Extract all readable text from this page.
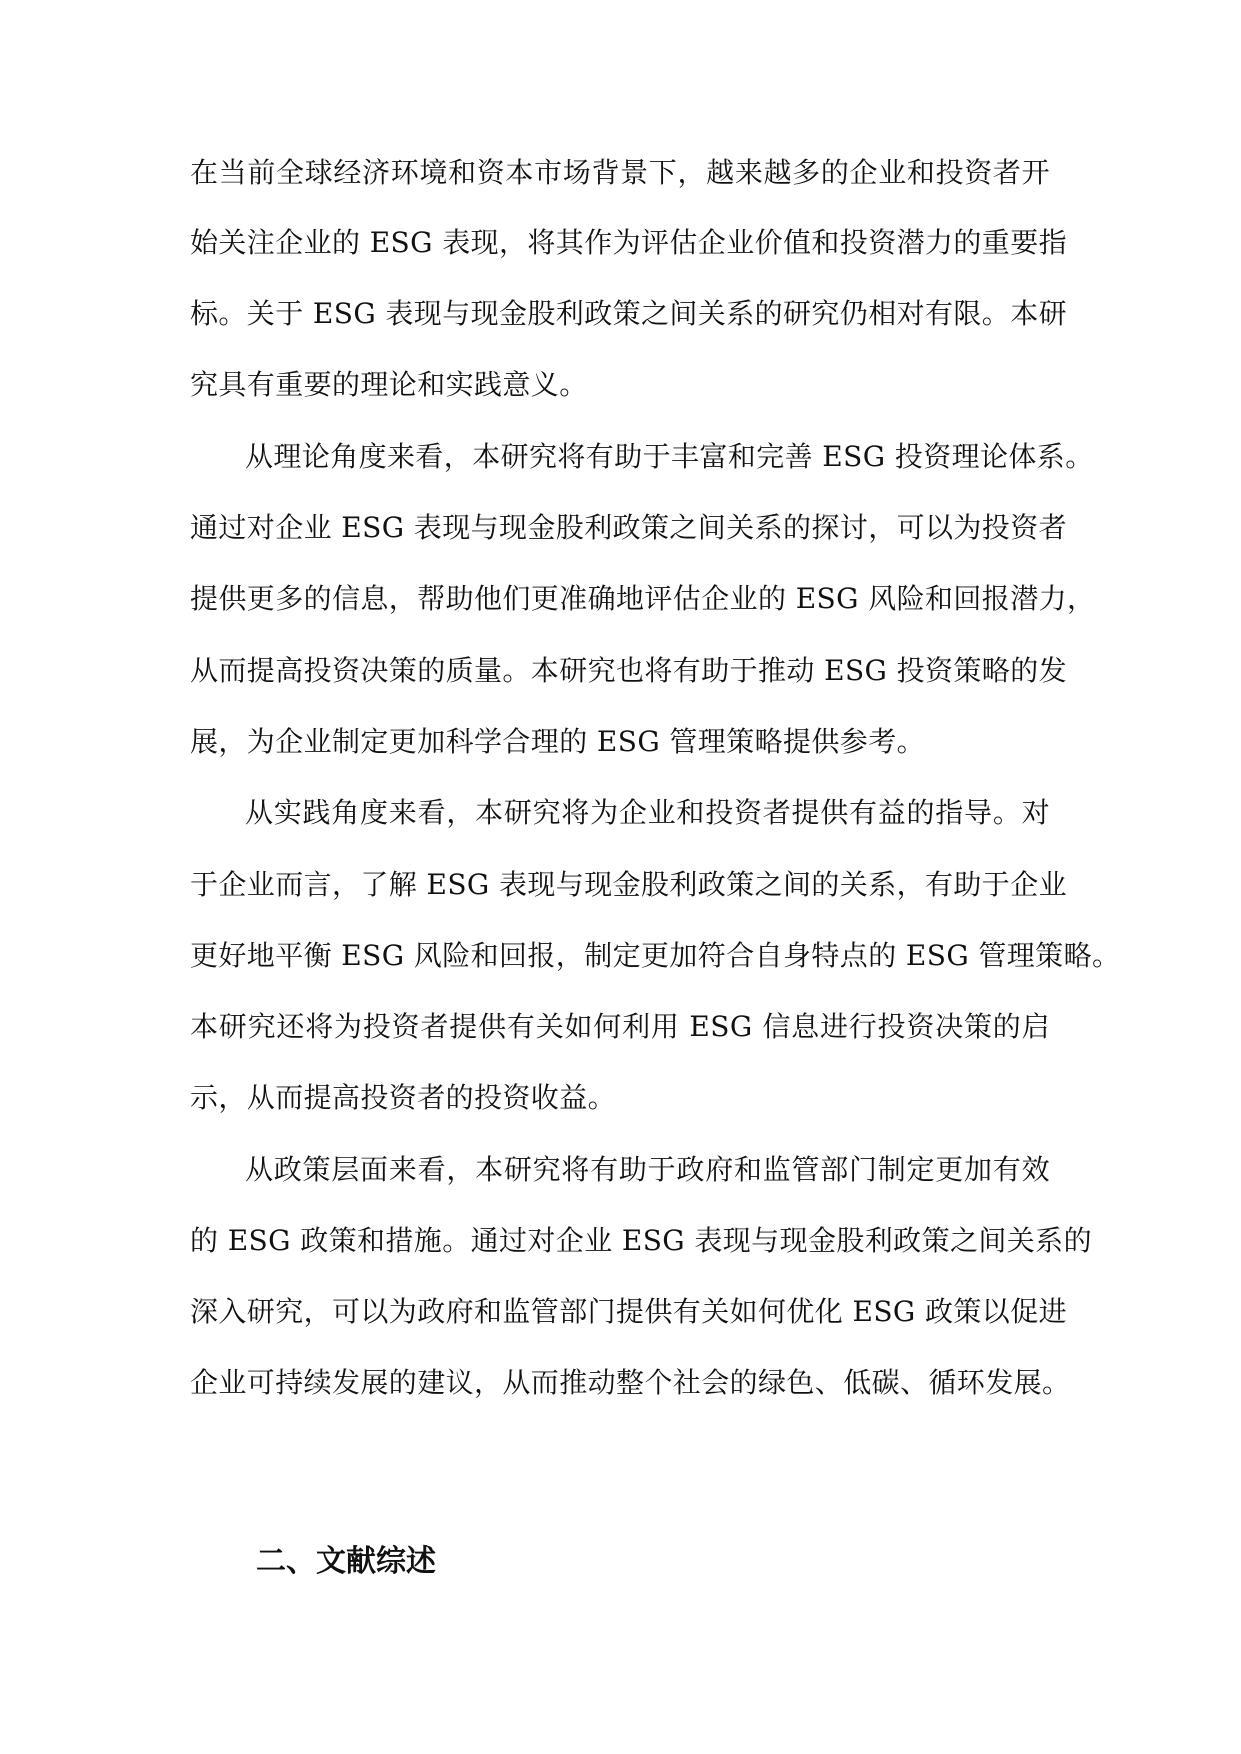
在当前全球经济环境和资本市场背景下，越来越多的企业和投资者开
始关注企业的 ESG 表现，将其作为评估企业价值和投资潜力的重要指
标。关于 ESG 表现与现金股利政策之间关系的研究仍相对有限。本研
究具有重要的理论和实践意义。
从理论角度来看，本研究将有助于丰富和完善 ESG 投资理论体系。
通过对企业 ESG 表现与现金股利政策之间关系的探讨，可以为投资者
提供更多的信息，帮助他们更准确地评估企业的 ESG 风险和回报潜力，
从而提高投资决策的质量。本研究也将有助于推动 ESG 投资策略的发
展，为企业制定更加科学合理的 ESG 管理策略提供参考。
从实践角度来看，本研究将为企业和投资者提供有益的指导。对
于企业而言，了解 ESG 表现与现金股利政策之间的关系，有助于企业
更好地平衡 ESG 风险和回报，制定更加符合自身特点的 ESG 管理策略。
本研究还将为投资者提供有关如何利用 ESG 信息进行投资决策的启
示，从而提高投资者的投资收益。
从政策层面来看，本研究将有助于政府和监管部门制定更加有效
的 ESG 政策和措施。通过对企业 ESG 表现与现金股利政策之间关系的
深入研究，可以为政府和监管部门提供有关如何优化 ESG 政策以促进
企业可持续发展的建议，从而推动整个社会的绿色、低碳、循环发展。
二、文献综述
